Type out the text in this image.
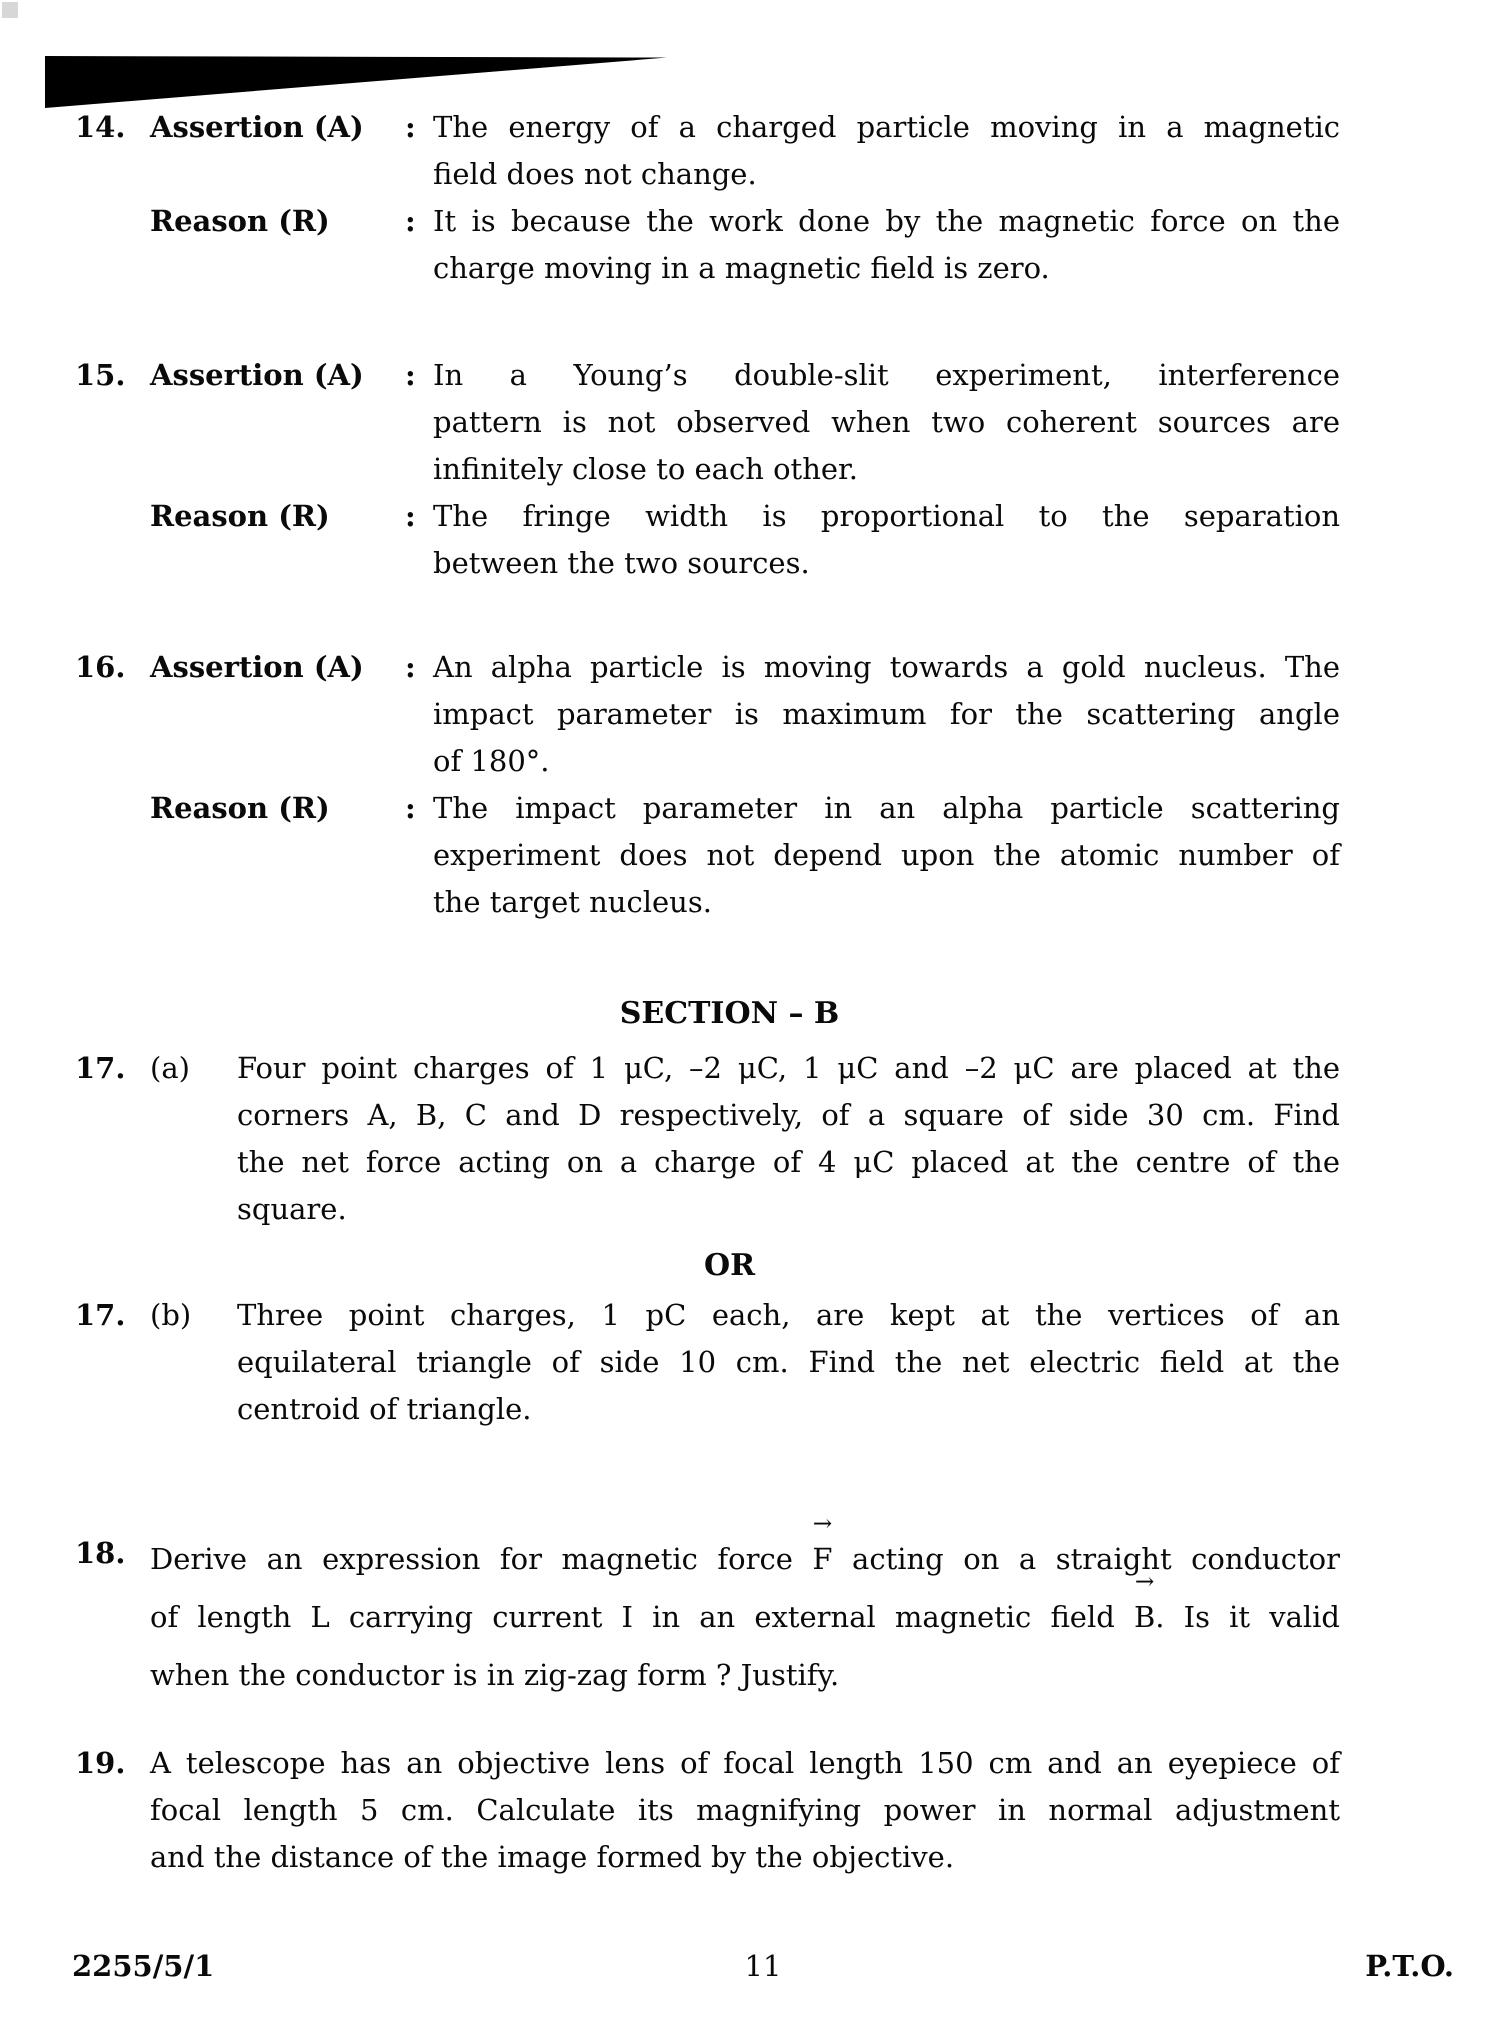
14. Assertion (A)	: The energy of a charged particle moving in a magnetic
field does not change.
Reason (R)	: It is because the work done by the magnetic force on the
charge moving in a magnetic field is zero.
15. Assertion (A)	: In a Young’s double-slit experiment, interference
pattern is not observed when two coherent sources are
infinitely close to each other.
Reason (R)	: The fringe width is proportional to the separation
between the two sources.
16. Assertion (A)	: An alpha particle is moving towards a gold nucleus. The
impact parameter is maximum for the scattering angle
of 180°.
Reason (R)	: The impact parameter in an alpha particle scattering
experiment does not depend upon the atomic number of
the target nucleus.
SECTION – B
17. (a)	Four point charges of 1 μC, –2 μC, 1 μC and –2 μC are placed at the
corners A, B, C and D respectively, of a square of side 30 cm. Find
the net force acting on a charge of 4 μC placed at the centre of the
square.
OR
17. (b)	Three point charges, 1 pC each, are kept at the vertices of an
equilateral triangle of side 10 cm. Find the net electric field at the
centroid of triangle.
18. Derive an expression for magnetic force → F acting on a straight conductor
of length L carrying current I in an external magnetic field → B. Is it valid
when the conductor is in zig-zag form ? Justify.
19. A telescope has an objective lens of focal length 150 cm and an eyepiece of
focal length 5 cm. Calculate its magnifying power in normal adjustment
and the distance of the image formed by the objective.
2255/5/1	11	P.T.O.
